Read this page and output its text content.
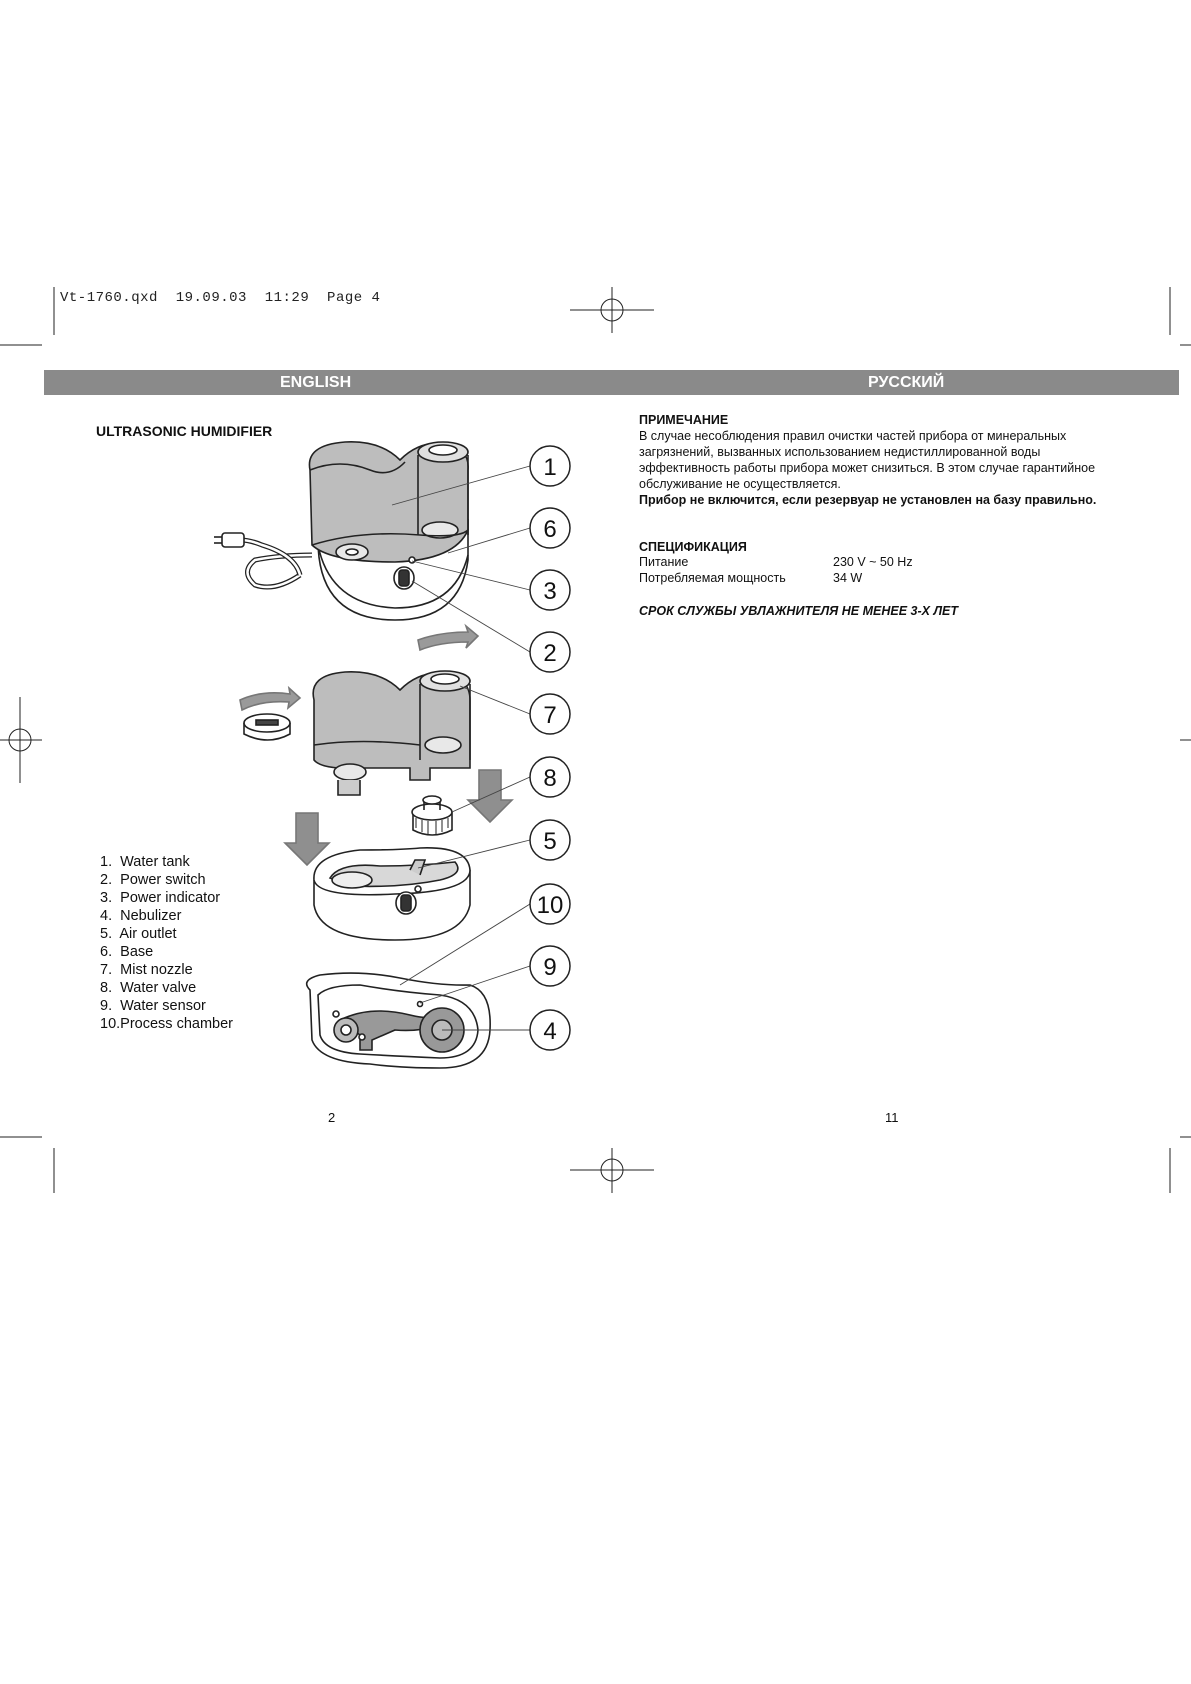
Vt-1760.qxd  19.09.03  11:29  Page 4
ENGLISH	РУССКИЙ
ULTRASONIC HUMIDIFIER
1
6
3
2
7
8
5
10
9
4
1.  Water tank
2.  Power switch
3.  Power indicator
4.  Nebulizer
5.  Air outlet
6.  Base
7.  Mist nozzle
8.  Water valve
9.  Water sensor
10.Process chamber
ПРИМЕЧАНИЕ
В случае несоблюдения правил очистки частей прибора от минеральных
загрязнений, вызванных использованием недистиллированной воды
эффективность работы прибора может снизиться. В этом случае гарантийное
обслуживание не осуществляется.
Прибор не включится, если резервуар не установлен на базу правильно.
СПЕЦИФИКАЦИЯ
Питание	230 V ~ 50 Hz
Потребляемая мощность	34 W
СРОК СЛУЖБЫ УВЛАЖНИТЕЛЯ НЕ МЕНЕЕ 3-Х ЛЕТ
2	11
